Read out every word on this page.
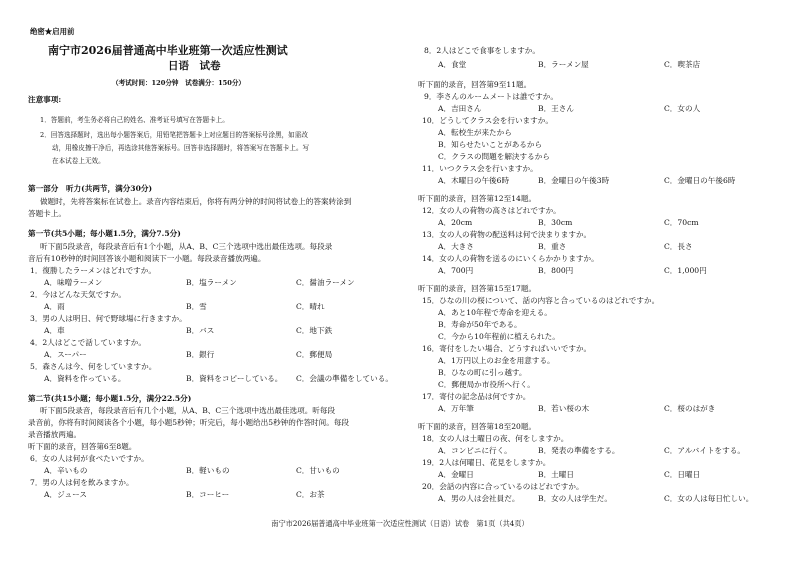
绝密★启用前
南宁市2026届普通高中毕业班第一次适应性测试
日语　试卷
（考试时间：120分钟　试卷满分：150分）
注意事项:
1．答题前，考生务必将自己的姓名、准考证号填写在答题卡上。
2．回答选择题时，选出每小题答案后，用铅笔把答题卡上对应题目的答案标号涂黑，如需改
动，用橡皮擦干净后，再选涂其他答案标号。回答非选择题时，将答案写在答题卡上。写
在本试卷上无效。
第一部分　听力(共两节，满分30分)
做题时，先将答案标在试卷上。录音内容结束后，你将有两分钟的时间将试卷上的答案转涂到
答题卡上。
第一节(共5小题；每小题1.5分，满分7.5分)
听下面5段录音，每段录音后有1个小题，从A、B、C三个选项中选出最佳选项。每段录
音后有10秒钟的时间回答该小题和阅读下一小题。每段录音播放两遍。
1．復勝したラーメンはどれですか。
A．味噌ラーメン	B．塩ラーメン	C．醤油ラーメン
2．今はどんな天気ですか。
A．雨	B．雪	C．晴れ
3．男の人は明日、何で野球場に行きますか。
A．車	B．バス	C．地下鉄
4．2人はどこで話していますか。
A．スーパー	B．銀行	C．郵便局
5．森さんは今、何をしていますか。
A．資料を作っている。	B．資料をコピーしている。 C．会議の準備をしている。
第二节(共15小题；每小题1.5分，满分22.5分)
听下面5段录音，每段录音后有几个小题，从A、B、C三个选项中选出最佳选项。听每段
录音前，你将有时间阅读各个小题，每小题5秒钟；听完后，每小题给出5秒钟的作答时间。每段
录音播放两遍。
听下面的录音，回答第6至8题。
6．女の人は何が食べたいですか。
A．辛いもの	B．軽いもの	C．甘いもの
7．男の人は何を飲みますか。
A．ジュース	B．コーヒー	C．お茶
8．2人はどこで食事をしますか。
A．食堂	B．ラーメン屋	C．喫茶店
听下面的录音，回答第9至11题。
9．李さんのルームメートは誰ですか。
A．吉田さん	B．王さん	C．女の人
10．どうしてクラス会を行いますか。
A．転校生が来たから
B．知らせたいことがあるから
C．クラスの問題を解決するから
11．いつクラス会を行いますか。
A．木曜日の午後6時	B．金曜日の午後3時	C．金曜日の午後6時
听下面的录音，回答第12至14题。
12．女の人の荷物の高さはどれですか。
A．20cm	B．30cm	C．70cm
13．女の人の荷物の配送料は何で決まりますか。
A．大きさ	B．重さ	C．長さ
14．女の人の荷物を送るのにいくらかかりますか。
A．700円	B．800円	C．1,000円
听下面的录音，回答第15至17题。
15．ひなの川の桜について、話の内容と合っているのはどれですか。
A．あと10年程で寿命を迎える。
B．寿命が50年である。
C．今から10年程前に植えられた。
16．寄付をしたい場合、どうすればいいですか。
A．1万円以上のお金を用意する。
B．ひなの町に引っ越す。
C．郵便局か市役所へ行く。
17．寄付の記念品は何ですか。
A．万年筆	B．若い桜の木	C．桜のはがき
听下面的录音，回答第18至20题。
18．女の人は土曜日の夜、何をしますか。
A．コンビニに行く。	B．発表の準備をする。	C．アルバイトをする。
19．2人は何曜日、花見をしますか。
A．金曜日	B．土曜日	C．日曜日
20．会話の内容に合っているのはどれですか。
A．男の人は会社員だ。 B．女の人は学生だ。	C．女の人は毎日忙しい。
南宁市2026届普通高中毕业班第一次适应性测试（日语）试卷　第1页（共4页）
